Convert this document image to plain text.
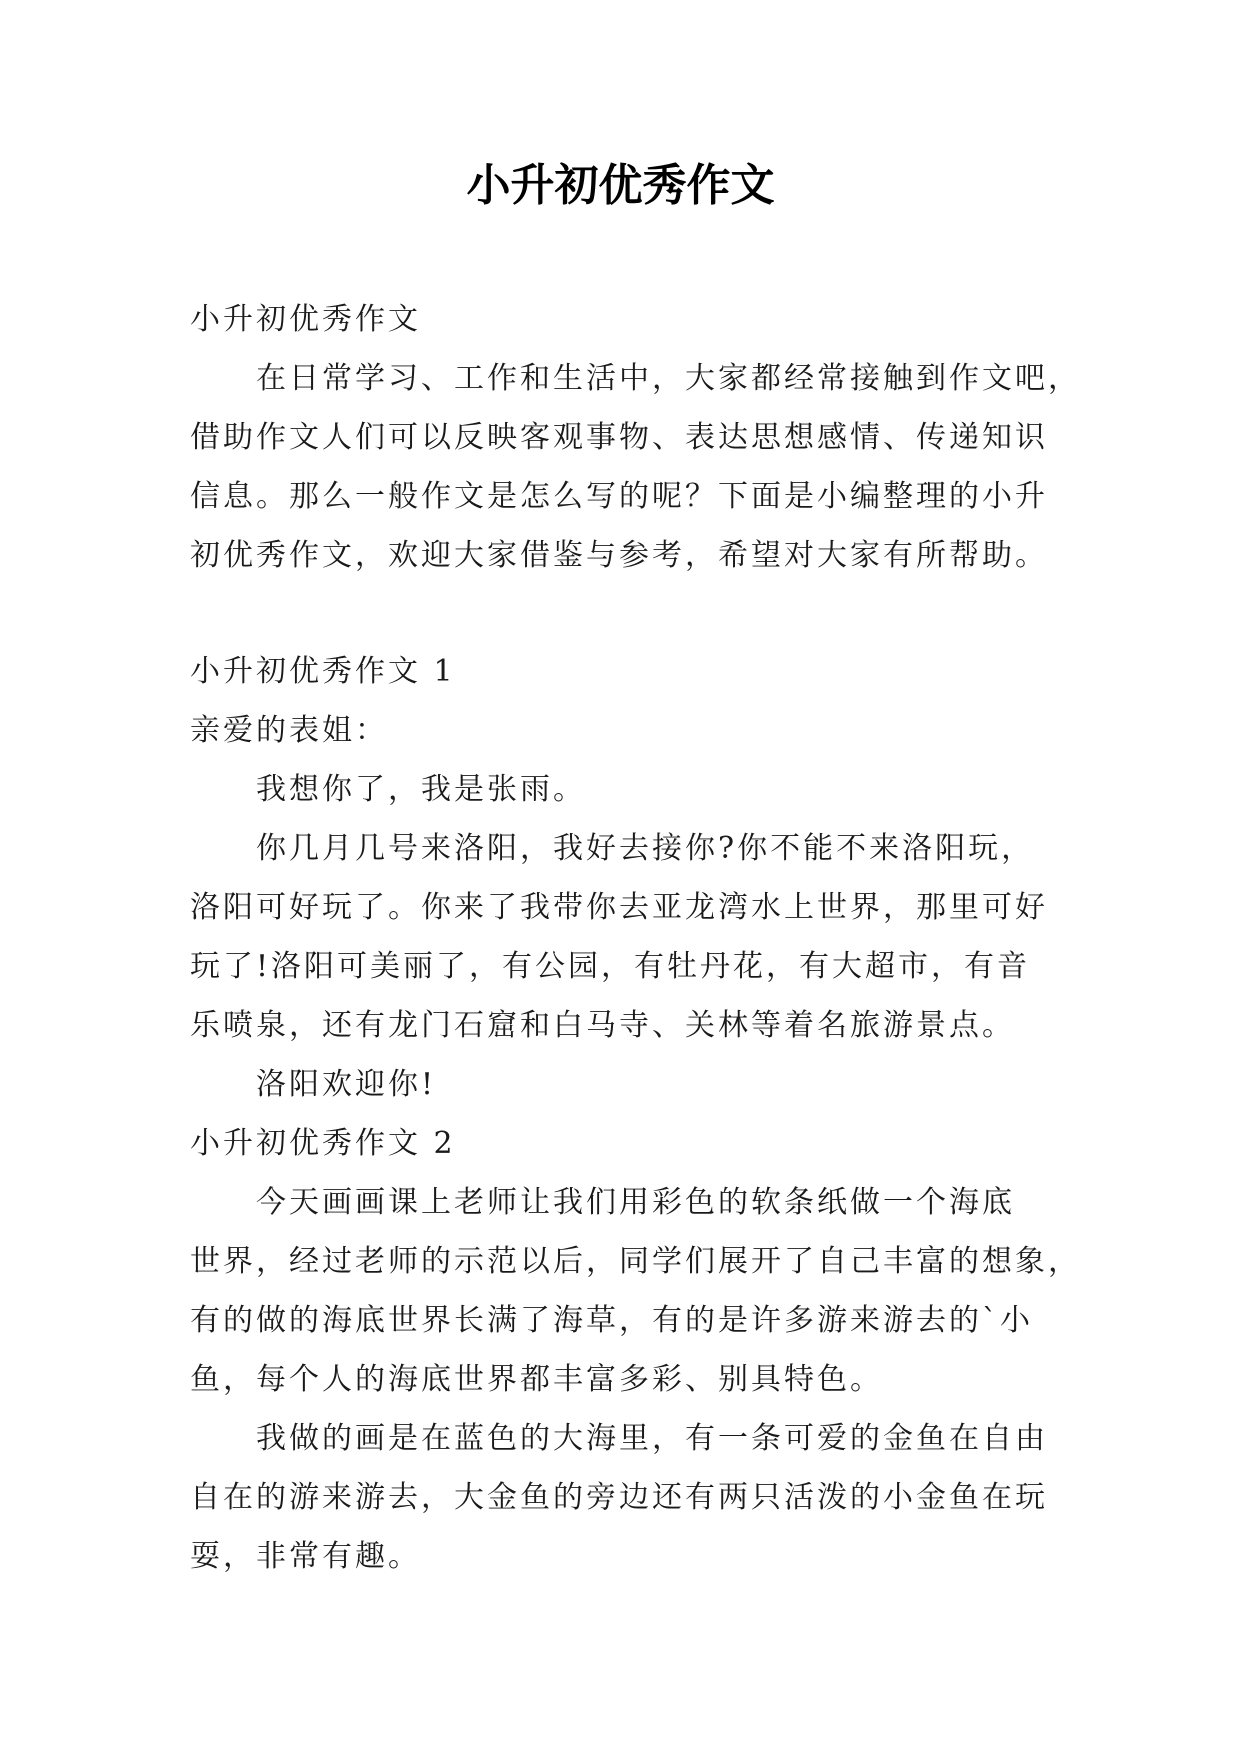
小升初优秀作文

小升初优秀作文

在日常学习、工作和生活中，大家都经常接触到作文吧，

借助作文人们可以反映客观事物、表达思想感情、传递知识

信息。那么一般作文是怎么写的呢？下面是小编整理的小升

初优秀作文，欢迎大家借鉴与参考，希望对大家有所帮助。

小升初优秀作文 1

亲爱的表姐：

我想你了，我是张雨。

你几月几号来洛阳，我好去接你?你不能不来洛阳玩，

洛阳可好玩了。你来了我带你去亚龙湾水上世界，那里可好

玩了!洛阳可美丽了，有公园，有牡丹花，有大超市，有音

乐喷泉，还有龙门石窟和白马寺、关林等着名旅游景点。

洛阳欢迎你!

小升初优秀作文 2

今天画画课上老师让我们用彩色的软条纸做一个海底

世界，经过老师的示范以后，同学们展开了自己丰富的想象，

有的做的海底世界长满了海草，有的是许多游来游去的`小

鱼，每个人的海底世界都丰富多彩、别具特色。

我做的画是在蓝色的大海里，有一条可爱的金鱼在自由

自在的游来游去，大金鱼的旁边还有两只活泼的小金鱼在玩

耍，非常有趣。
